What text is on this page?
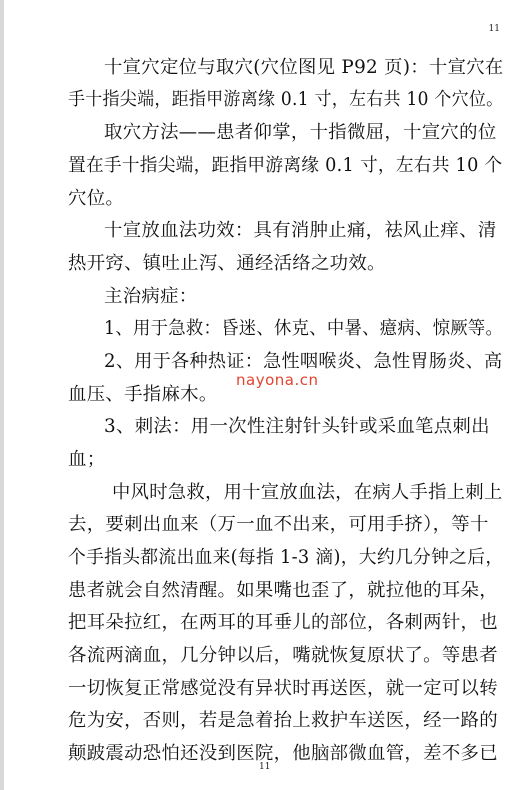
11
十宣穴定位与取穴(穴位图见 P92 页)：十宣穴在
手十指尖端，距指甲游离缘 0.1 寸，左右共 10 个穴位。
取穴方法——患者仰掌，十指微屈，十宣穴的位
置在手十指尖端，距指甲游离缘 0.1 寸，左右共 10 个
穴位。
十宣放血法功效：具有消肿止痛，祛风止痒、清
热开窍、镇吐止泻、通经活络之功效。
主治病症：
1、用于急救：昏迷、休克、中暑、癔病、惊厥等。
2、用于各种热证：急性咽喉炎、急性胃肠炎、高
血压、手指麻木。
3、刺法：用一次性注射针头针或采血笔点刺出
血；
中风时急救，用十宣放血法，在病人手指上刺上
去，要刺出血来（万一血不出来，可用手挤），等十
个手指头都流出血来(每指 1-3 滴)，大约几分钟之后，
患者就会自然清醒。如果嘴也歪了，就拉他的耳朵，
把耳朵拉红，在两耳的耳垂儿的部位，各刺两针，也
各流两滴血，几分钟以后，嘴就恢复原状了。等患者
一切恢复正常感觉没有异状时再送医，就一定可以转
危为安，否则，若是急着抬上救护车送医，经一路的
颠跛震动恐怕还没到医院，他脑部微血管，差不多已
nayona.cn
11
